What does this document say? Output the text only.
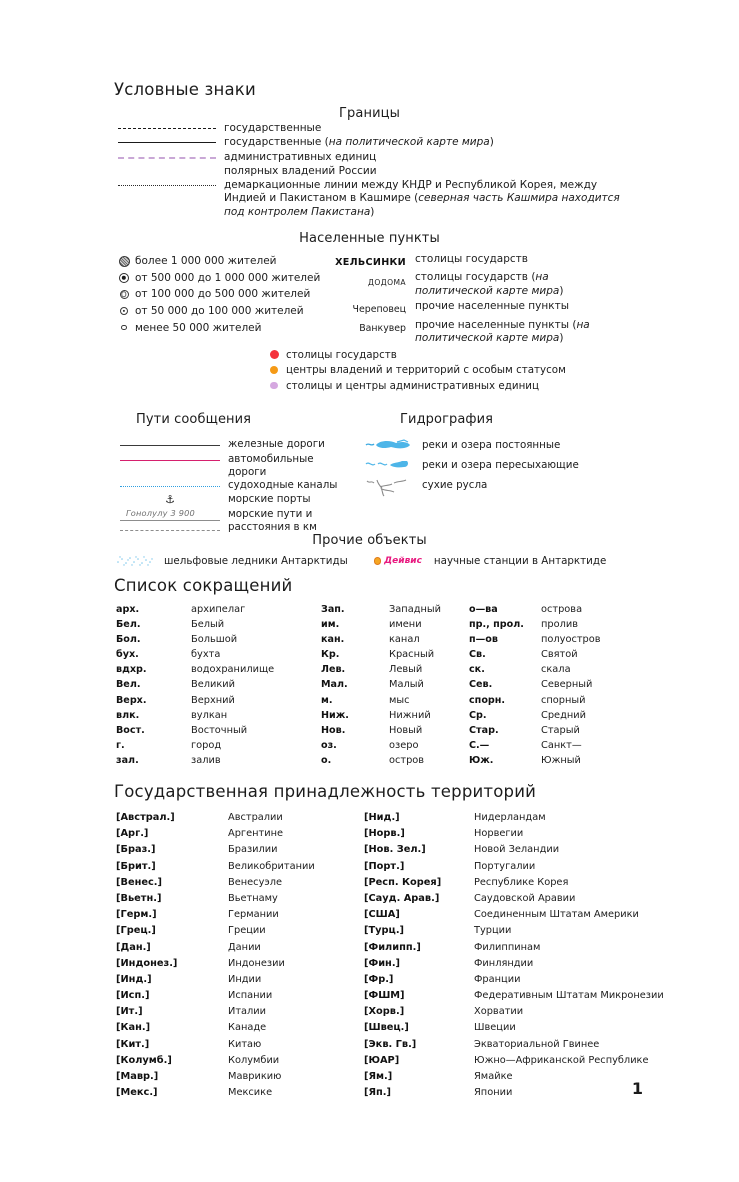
Условные знаки
Границы
государственные
государственные (на политической карте мира)
административных единиц
полярных владений России
демаркационные линии между КНДР и Республикой Корея, между Индией и Пакистаном в Кашмире (северная часть Кашмира находится под контролем Пакистана)
Населенные пункты
более 1 000 000 жителей
от 500 000 до 1 000 000 жителей
от 100 000 до 500 000 жителей
от 50 000 до 100 000 жителей
менее 50 000 жителей
ХЕЛЬСИНКИ столицы государств
ДОДОМА столицы государств (на политической карте мира)
Череповец прочие населенные пункты
Ванкувер прочие населенные пункты (на политической карте мира)
столицы государств
центры владений и территорий с особым статусом
столицы и центры административных единиц
Пути сообщения
железные дороги
автомобильные дороги
судоходные каналы
⚓	морские порты
Гонолулу 3 900	морские пути и расстояния в км
Гидрография
реки и озера постоянные
реки и озера пересыхающие
сухие русла
Прочие объекты
шельфовые ледники Антарктиды	Дейвис научные станции в Антарктиде
Список сокращений
арх.	архипелаг
Бел.	Белый
Бол.	Большой
бух.	бухта
вдхр.	водохранилище
Вел.	Великий
Верх.	Верхний
влк.	вулкан
Вост.	Восточный
г.	город
зал.	залив
Зап.	Западный
им.	имени
кан.	канал
Кр.	Красный
Лев.	Левый
Мал.	Малый
м.	мыс
Ниж.	Нижний
Нов.	Новый
оз.	озеро
о.	остров
о—ва	острова
пр., прол.	пролив
п—ов	полуостров
Св.	Святой
ск.	скала
Сев.	Северный
спорн.	спорный
Ср.	Средний
Стар.	Старый
С.—	Санкт—
Юж.	Южный
Государственная принадлежность территорий
[Австрал.]	Австралии
[Арг.]	Аргентине
[Браз.]	Бразилии
[Брит.]	Великобритании
[Венес.]	Венесуэле
[Вьетн.]	Вьетнаму
[Герм.]	Германии
[Грец.]	Греции
[Дан.]	Дании
[Индонез.]	Индонезии
[Инд.]	Индии
[Исп.]	Испании
[Ит.]	Италии
[Кан.]	Канаде
[Кит.]	Китаю
[Колумб.]	Колумбии
[Мавр.]	Маврикию
[Мекс.]	Мексике
[Нид.]	Нидерландам
[Норв.]	Норвегии
[Нов. Зел.]	Новой Зеландии
[Порт.]	Португалии
[Респ. Корея]	Республике Корея
[Сауд. Арав.]	Саудовской Аравии
[США]	Соединенным Штатам Америки
[Турц.]	Турции
[Филипп.]	Филиппинам
[Фин.]	Финляндии
[Фр.]	Франции
[ФШМ]	Федеративным Штатам Микронезии
[Хорв.]	Хорватии
[Швец.]	Швеции
[Экв. Гв.]	Экваториальной Гвинее
[ЮАР]	Южно—Африканской Республике
[Ям.]	Ямайке
[Яп.]	Японии	1
